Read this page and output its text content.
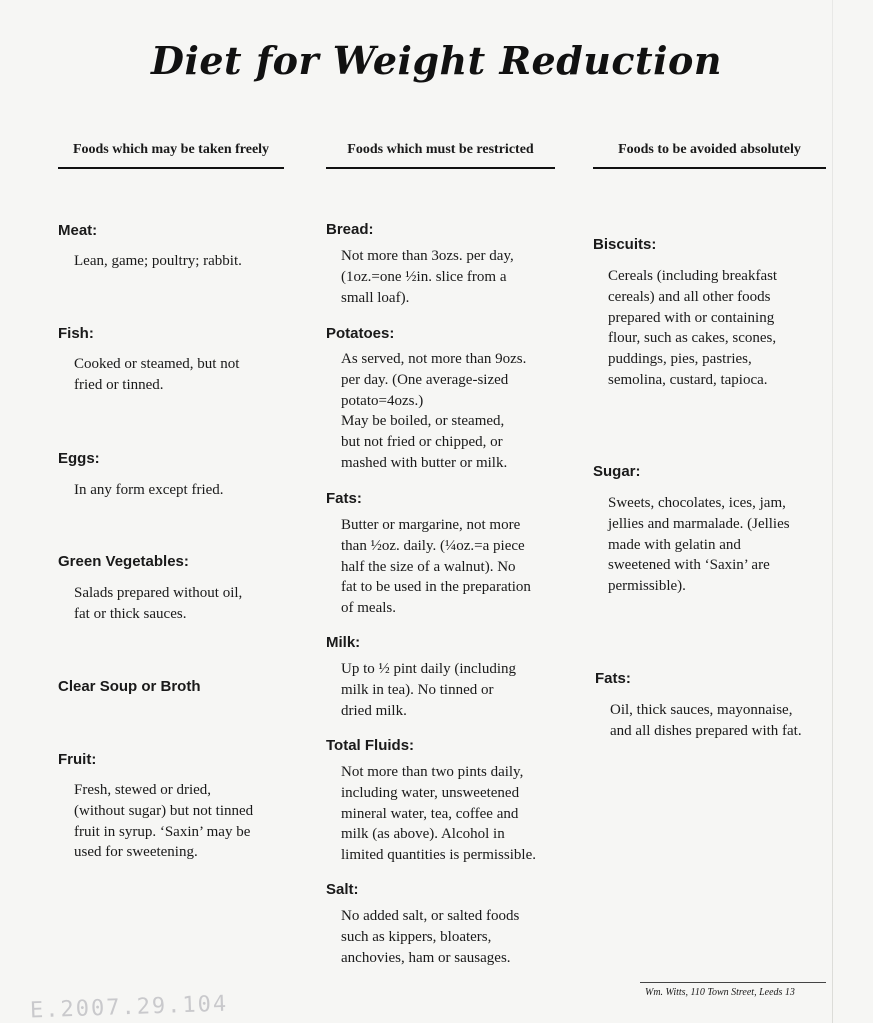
Diet for Weight Reduction
Foods which may be taken freely	Foods which must be restricted	Foods to be avoided absolutely
Meat:
Lean, game; poultry; rabbit.
Fish:
Cooked or steamed, but not
fried or tinned.
Eggs:
In any form except fried.
Green Vegetables:
Salads prepared without oil,
fat or thick sauces.
Clear Soup or Broth
Fruit:
Fresh, stewed or dried,
(without sugar) but not tinned
fruit in syrup. ‘Saxin’ may be
used for sweetening.
Bread:
Not more than 3ozs. per day,
(1oz.=one ½in. slice from a
small loaf).
Potatoes:
As served, not more than 9ozs.
per day. (One average-sized
potato=4ozs.)
May be boiled, or steamed,
but not fried or chipped, or
mashed with butter or milk.
Fats:
Butter or margarine, not more
than ½oz. daily. (¼oz.=a piece
half the size of a walnut). No
fat to be used in the preparation
of meals.
Milk:
Up to ½ pint daily (including
milk in tea). No tinned or
dried milk.
Total Fluids:
Not more than two pints daily,
including water, unsweetened
mineral water, tea, coffee and
milk (as above). Alcohol in
limited quantities is permissible.
Salt:
No added salt, or salted foods
such as kippers, bloaters,
anchovies, ham or sausages.
Biscuits:
Cereals (including breakfast
cereals) and all other foods
prepared with or containing
flour, such as cakes, scones,
puddings, pies, pastries,
semolina, custard, tapioca.
Sugar:
Sweets, chocolates, ices, jam,
jellies and marmalade. (Jellies
made with gelatin and
sweetened with ‘Saxin’ are
permissible).
Fats:
Oil, thick sauces, mayonnaise,
and all dishes prepared with fat.
Wm. Witts, 110 Town Street, Leeds 13
E.2007.29.104
